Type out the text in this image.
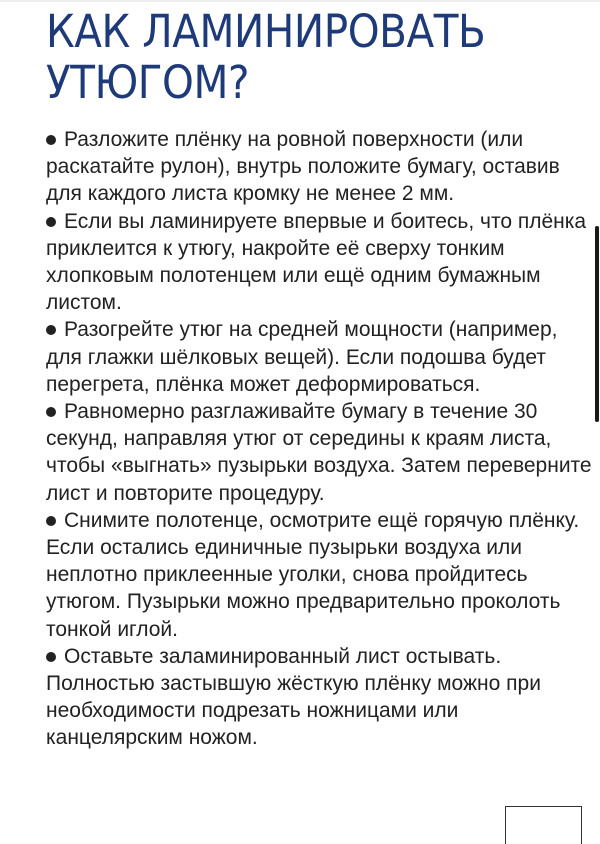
КАК ЛАМИНИРОВАТЬ УТЮГОМ?
Разложите плёнку на ровной поверхности (или раскатайте рулон), внутрь положите бумагу, оставив для каждого листа кромку не менее 2 мм.
Если вы ламинируете впервые и боитесь, что плёнка приклеится к утюгу, накройте её сверху тонким хлопковым полотенцем или ещё одним бумажным листом.
Разогрейте утюг на средней мощности (например, для глажки шёлковых вещей). Если подошва будет перегрета, плёнка может деформироваться.
Равномерно разглаживайте бумагу в течение 30 секунд, направляя утюг от середины к краям листа, чтобы «выгнать» пузырьки воздуха. Затем переверните лист и повторите процедуру.
Снимите полотенце, осмотрите ещё горячую плёнку. Если остались единичные пузырьки воздуха или неплотно приклеенные уголки, снова пройдитесь утюгом. Пузырьки можно предварительно проколоть тонкой иглой.
Оставьте заламинированный лист остывать. Полностью застывшую жёсткую плёнку можно при необходимости подрезать ножницами или канцелярским ножом.
